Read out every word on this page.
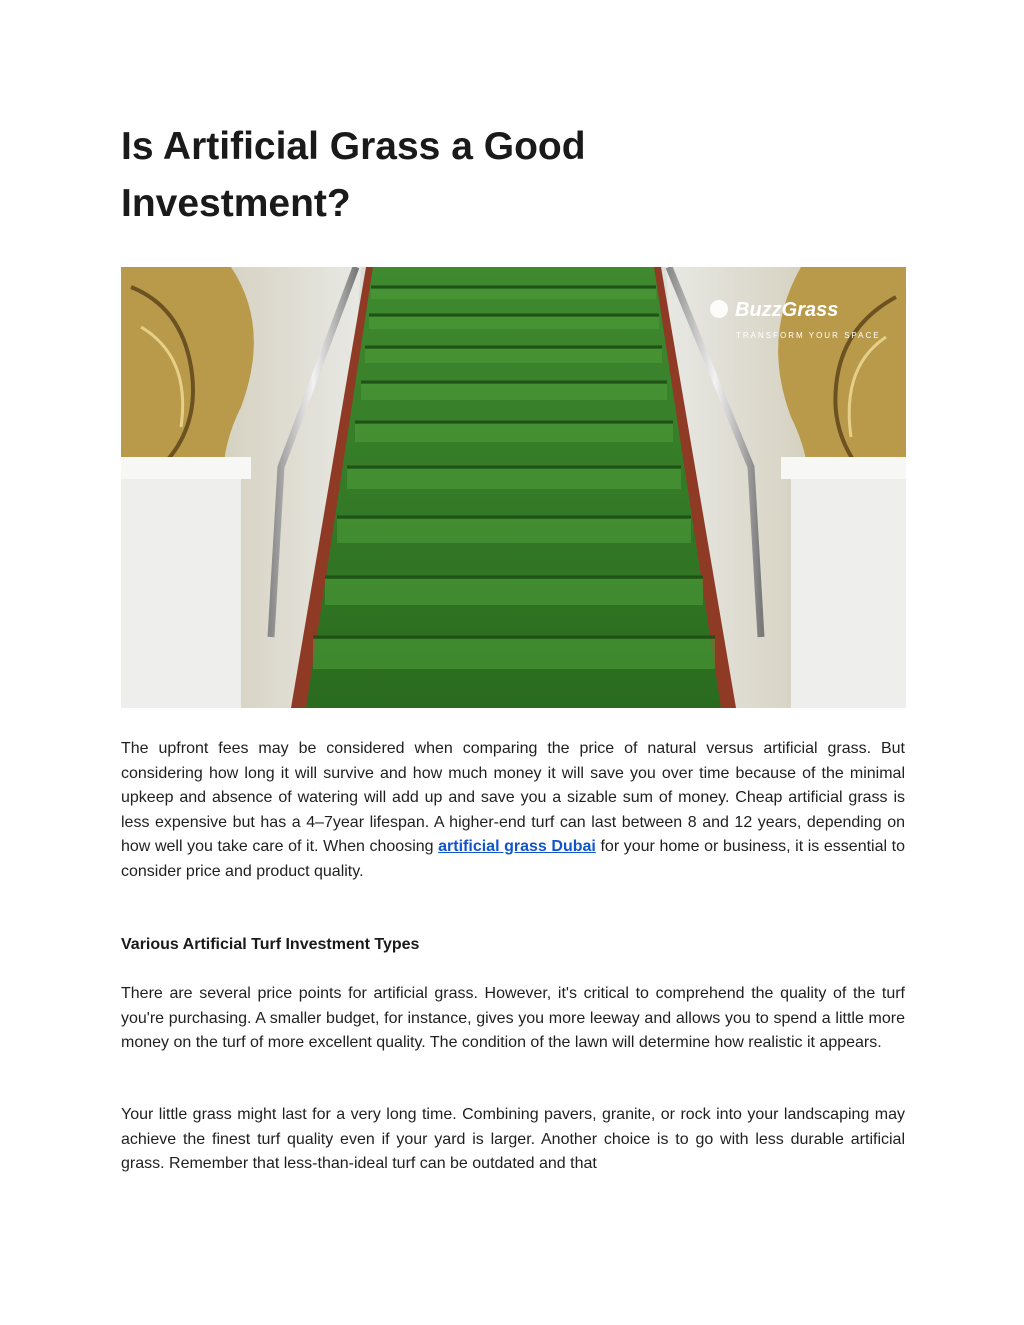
Is Artificial Grass a Good Investment?
BuzzGrass
TRANSFORM YOUR SPACE

The upfront fees may be considered when comparing the price of natural versus artificial grass. But considering how long it will survive and how much money it will save you over time because of the minimal upkeep and absence of watering will add up and save you a sizable sum of money. Cheap artificial grass is less expensive but has a 4–7year lifespan. A higher-end turf can last between 8 and 12 years, depending on how well you take care of it. When choosing artificial grass Dubai for your home or business, it is essential to consider price and product quality.

Various Artificial Turf Investment Types

There are several price points for artificial grass. However, it's critical to comprehend the quality of the turf you're purchasing. A smaller budget, for instance, gives you more leeway and allows you to spend a little more money on the turf of more excellent quality. The condition of the lawn will determine how realistic it appears.

Your little grass might last for a very long time. Combining pavers, granite, or rock into your landscaping may achieve the finest turf quality even if your yard is larger. Another choice is to go with less durable artificial grass. Remember that less-than-ideal turf can be outdated and that
